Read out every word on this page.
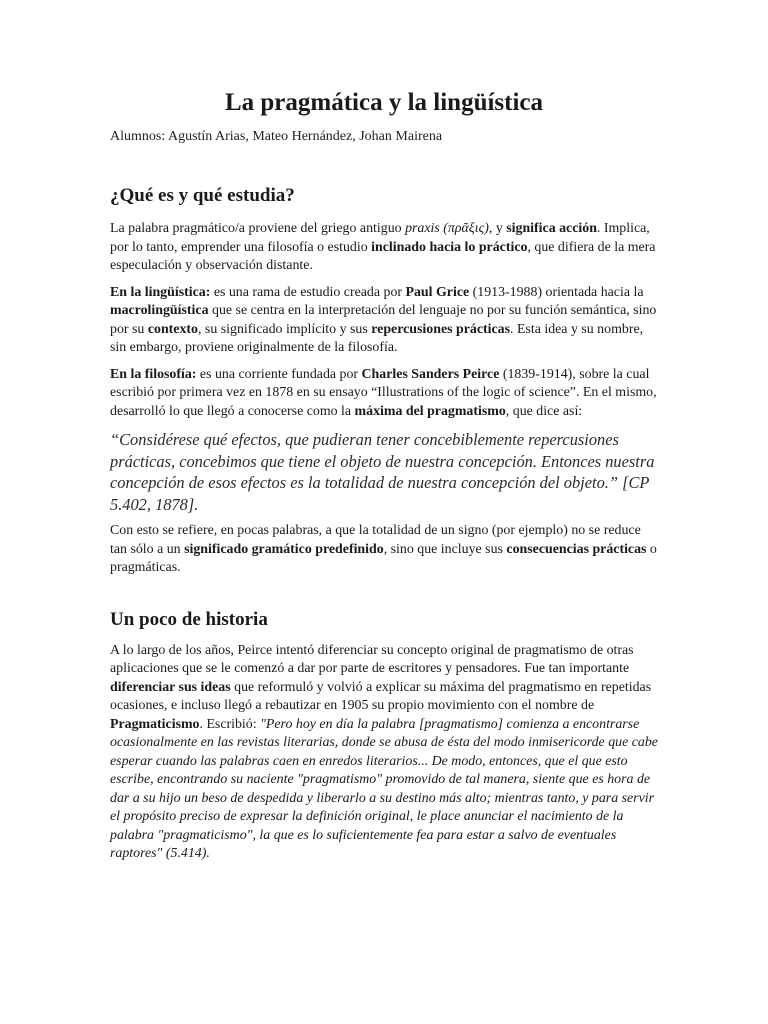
La pragmática y la lingüística

Alumnos: Agustín Arias, Mateo Hernández, Johan Mairena

¿Qué es y qué estudia?

La palabra pragmático/a proviene del griego antiguo praxis (πρᾶξις), y significa acción. Implica, por lo tanto, emprender una filosofía o estudio inclinado hacia lo práctico, que difiera de la mera especulación y observación distante.

En la lingüística: es una rama de estudio creada por Paul Grice (1913-1988) orientada hacia la macrolingüística que se centra en la interpretación del lenguaje no por su función semántica, sino por su contexto, su significado implícito y sus repercusiones prácticas. Esta idea y su nombre, sin embargo, proviene originalmente de la filosofía.

En la filosofía: es una corriente fundada por Charles Sanders Peirce (1839-1914), sobre la cual escribió por primera vez en 1878 en su ensayo “Illustrations of the logic of science”. En el mismo, desarrolló lo que llegó a conocerse como la máxima del pragmatismo, que dice así:

“Considérese qué efectos, que pudieran tener concebiblemente repercusiones prácticas, concebimos que tiene el objeto de nuestra concepción. Entonces nuestra concepción de esos efectos es la totalidad de nuestra concepción del objeto.” [CP 5.402, 1878].

Con esto se refiere, en pocas palabras, a que la totalidad de un signo (por ejemplo) no se reduce tan sólo a un significado gramático predefinido, sino que incluye sus consecuencias prácticas o pragmáticas.

Un poco de historia

A lo largo de los años, Peirce intentó diferenciar su concepto original de pragmatismo de otras aplicaciones que se le comenzó a dar por parte de escritores y pensadores. Fue tan importante diferenciar sus ideas que reformuló y volvió a explicar su máxima del pragmatismo en repetidas ocasiones, e incluso llegó a rebautizar en 1905 su propio movimiento con el nombre de Pragmaticismo. Escribió: "Pero hoy en día la palabra [pragmatismo] comienza a encontrarse ocasionalmente en las revistas literarias, donde se abusa de ésta del modo inmisericorde que cabe esperar cuando las palabras caen en enredos literarios... De modo, entonces, que el que esto escribe, encontrando su naciente "pragmatismo" promovido de tal manera, siente que es hora de dar a su hijo un beso de despedida y liberarlo a su destino más alto; mientras tanto, y para servir el propósito preciso de expresar la definición original, le place anunciar el nacimiento de la palabra "pragmaticismo", la que es lo suficientemente fea para estar a salvo de eventuales raptores" (5.414).
